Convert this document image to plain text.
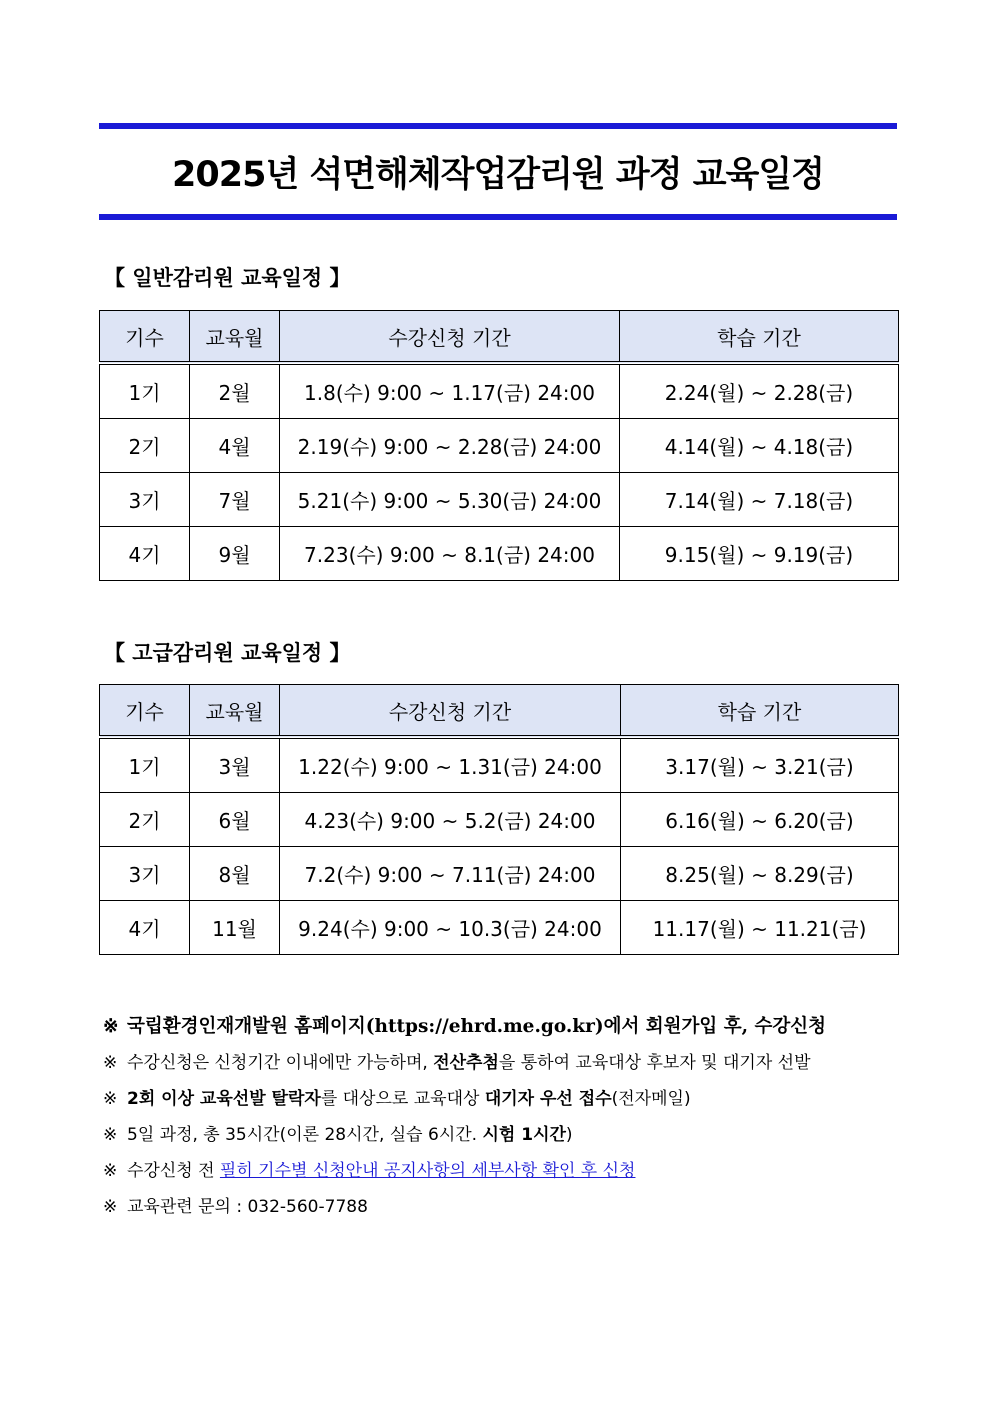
2025년 석면해체작업감리원 과정 교육일정
【 일반감리원 교육일정 】
기수	교육월	수강신청 기간	학습 기간
1기	2월	1.8(수) 9:00 ~ 1.17(금) 24:00	2.24(월) ~ 2.28(금)
2기	4월	2.19(수) 9:00 ~ 2.28(금) 24:00	4.14(월) ~ 4.18(금)
3기	7월	5.21(수) 9:00 ~ 5.30(금) 24:00	7.14(월) ~ 7.18(금)
4기	9월	7.23(수) 9:00 ~ 8.1(금) 24:00	9.15(월) ~ 9.19(금)
【 고급감리원 교육일정 】
기수	교육월	수강신청 기간	학습 기간
1기	3월	1.22(수) 9:00 ~ 1.31(금) 24:00	3.17(월) ~ 3.21(금)
2기	6월	4.23(수) 9:00 ~ 5.2(금) 24:00	6.16(월) ~ 6.20(금)
3기	8월	7.2(수) 9:00 ~ 7.11(금) 24:00	8.25(월) ~ 8.29(금)
4기	11월	9.24(수) 9:00 ~ 10.3(금) 24:00	11.17(월) ~ 11.21(금)
※ 국립환경인재개발원 홈페이지(https://ehrd.me.go.kr)에서 회원가입 후, 수강신청
※ 수강신청은 신청기간 이내에만 가능하며, 전산추첨을 통하여 교육대상 후보자 및 대기자 선발
※ 2회 이상 교육선발 탈락자를 대상으로 교육대상 대기자 우선 접수(전자메일)
※ 5일 과정, 총 35시간(이론 28시간, 실습 6시간. 시험 1시간)
※ 수강신청 전 필히 기수별 신청안내 공지사항의 세부사항 확인 후 신청
※ 교육관련 문의 : 032-560-7788
